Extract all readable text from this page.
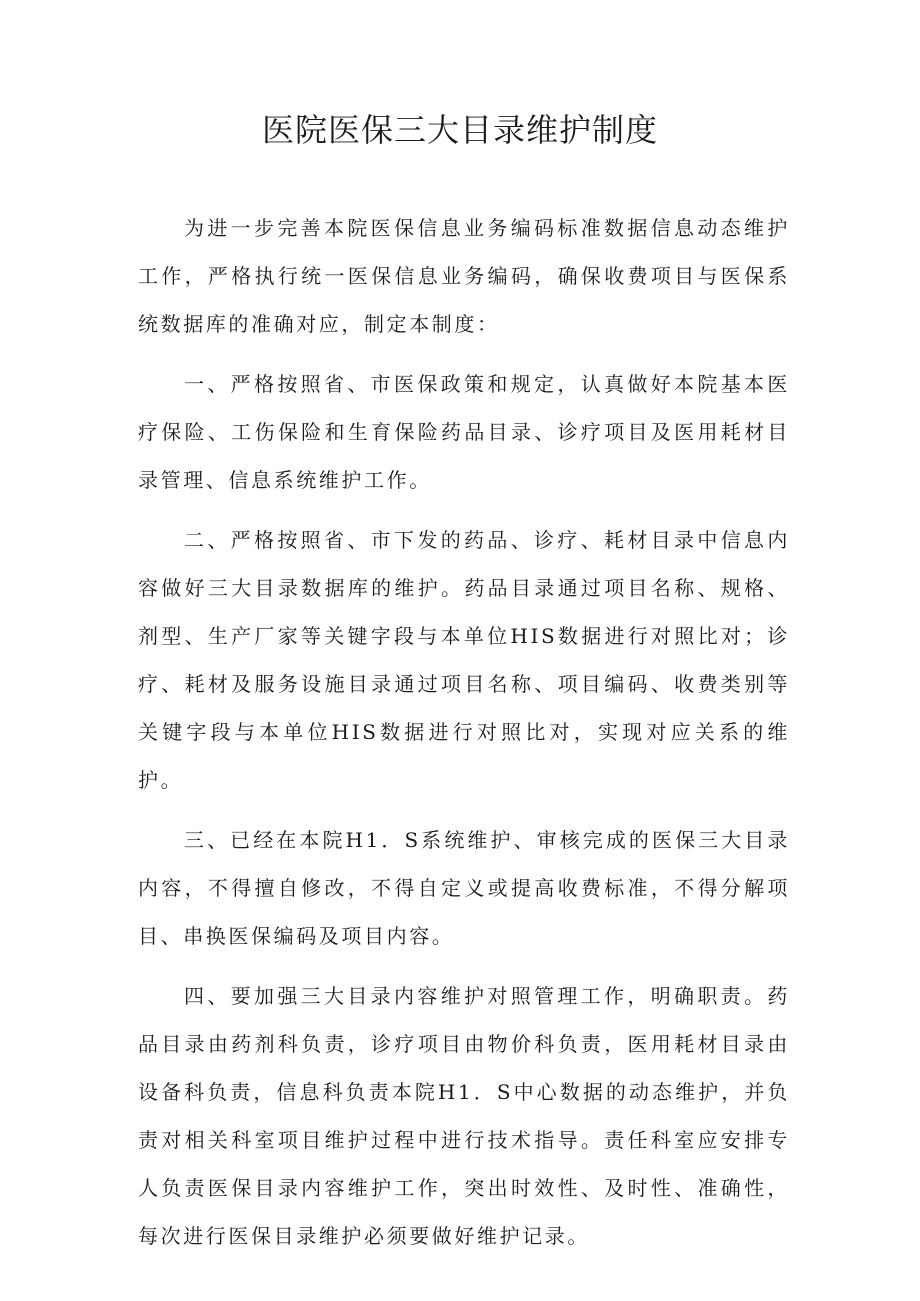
医院医保三大目录维护制度

为进一步完善本院医保信息业务编码标准数据信息动态维护工作，严格执行统一医保信息业务编码，确保收费项目与医保系统数据库的准确对应，制定本制度：

一、严格按照省、市医保政策和规定，认真做好本院基本医疗保险、工伤保险和生育保险药品目录、诊疗项目及医用耗材目录管理、信息系统维护工作。

二、严格按照省、市下发的药品、诊疗、耗材目录中信息内容做好三大目录数据库的维护。药品目录通过项目名称、规格、剂型、生产厂家等关键字段与本单位HIS数据进行对照比对；诊疗、耗材及服务设施目录通过项目名称、项目编码、收费类别等关键字段与本单位HIS数据进行对照比对，实现对应关系的维护。

三、已经在本院H1．S系统维护、审核完成的医保三大目录内容，不得擅自修改，不得自定义或提高收费标准，不得分解项目、串换医保编码及项目内容。

四、要加强三大目录内容维护对照管理工作，明确职责。药品目录由药剂科负责，诊疗项目由物价科负责，医用耗材目录由设备科负责，信息科负责本院H1．S中心数据的动态维护，并负责对相关科室项目维护过程中进行技术指导。责任科室应安排专人负责医保目录内容维护工作，突出时效性、及时性、准确性，每次进行医保目录维护必须要做好维护记录。
